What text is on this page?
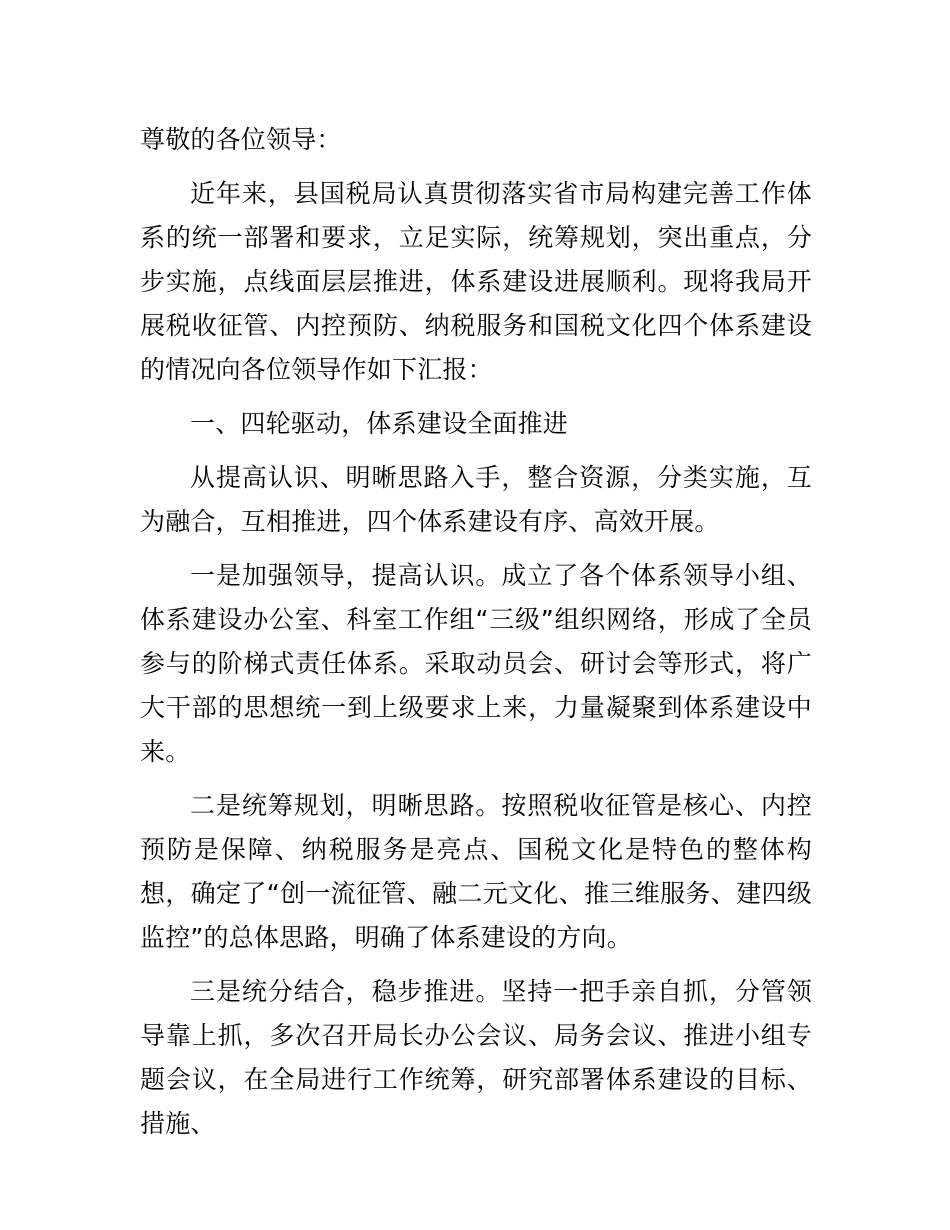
尊敬的各位领导：

近年来，县国税局认真贯彻落实省市局构建完善工作体系的统一部署和要求，立足实际，统筹规划，突出重点，分步实施，点线面层层推进，体系建设进展顺利。现将我局开展税收征管、内控预防、纳税服务和国税文化四个体系建设的情况向各位领导作如下汇报：

一、四轮驱动，体系建设全面推进

从提高认识、明晰思路入手，整合资源，分类实施，互为融合，互相推进，四个体系建设有序、高效开展。

一是加强领导，提高认识。成立了各个体系领导小组、体系建设办公室、科室工作组“三级”组织网络，形成了全员参与的阶梯式责任体系。采取动员会、研讨会等形式，将广大干部的思想统一到上级要求上来，力量凝聚到体系建设中来。

二是统筹规划，明晰思路。按照税收征管是核心、内控预防是保障、纳税服务是亮点、国税文化是特色的整体构想，确定了“创一流征管、融二元文化、推三维服务、建四级监控”的总体思路，明确了体系建设的方向。

三是统分结合，稳步推进。坚持一把手亲自抓，分管领导靠上抓，多次召开局长办公会议、局务会议、推进小组专题会议，在全局进行工作统筹，研究部署体系建设的目标、措施、
